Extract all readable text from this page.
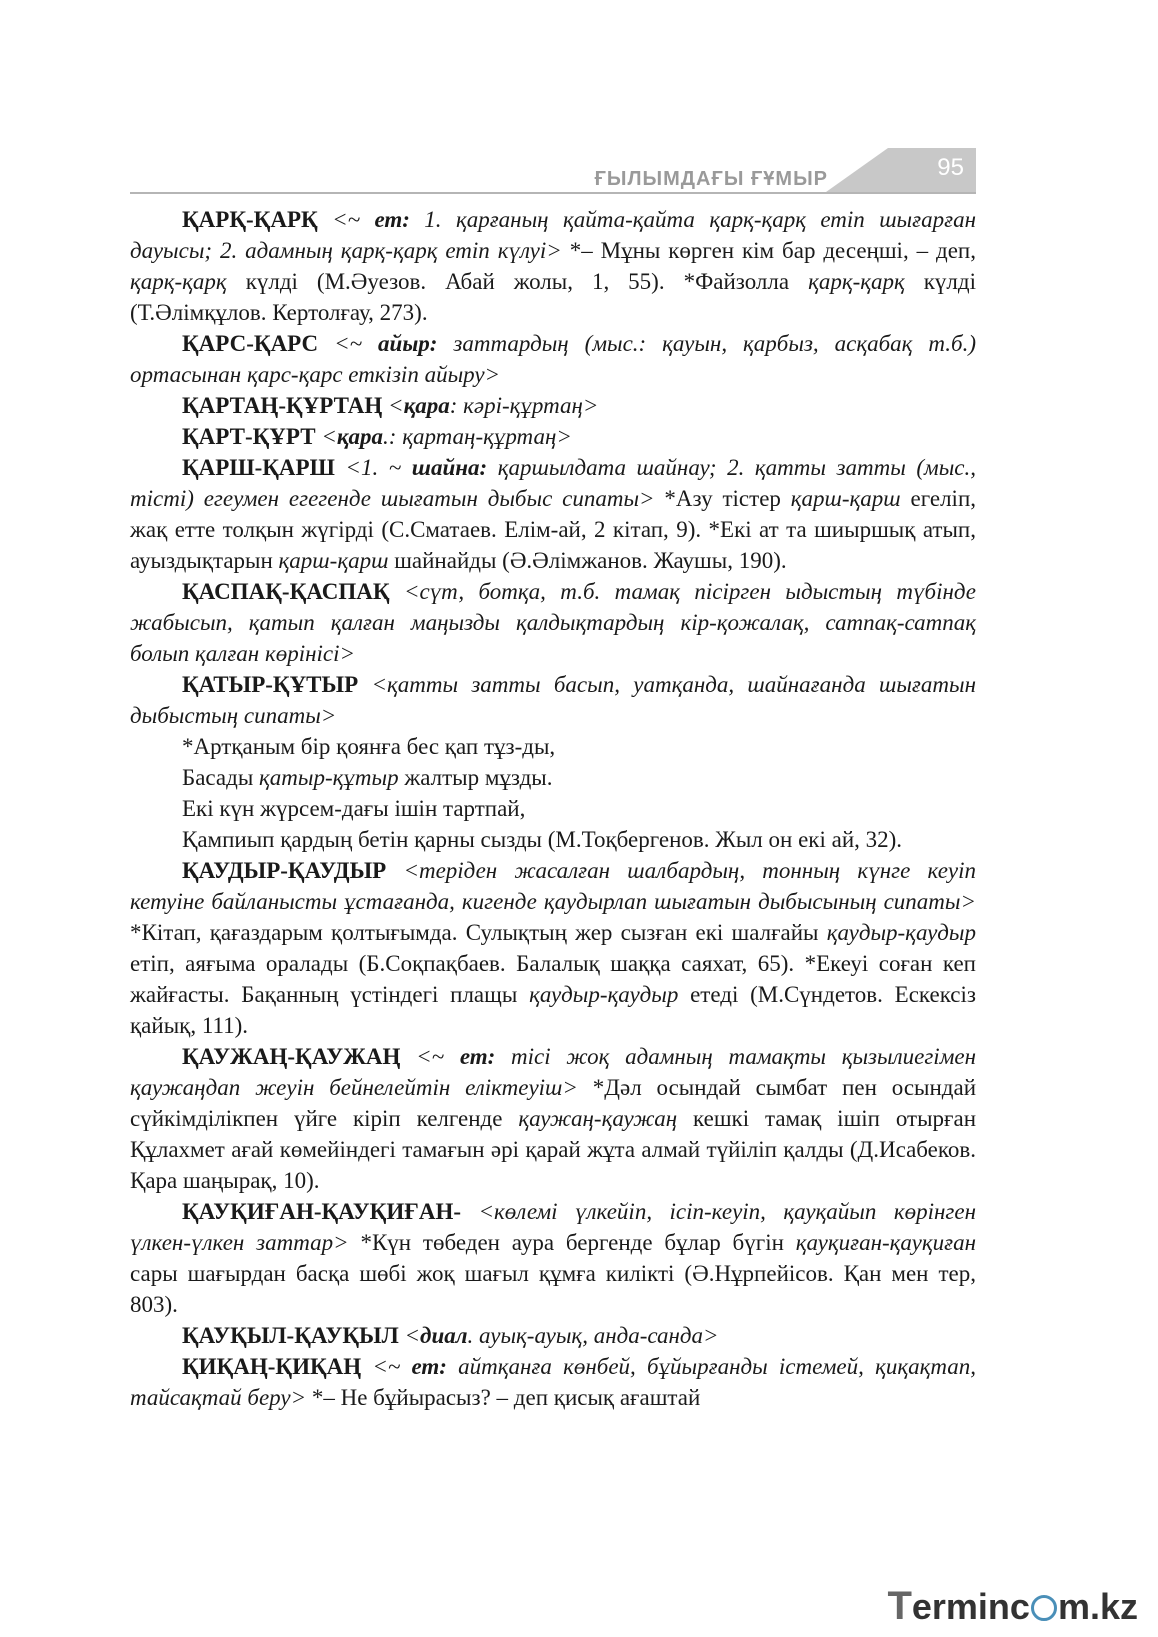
ҒЫЛЫМДАҒЫ ҒҰМЫР	95

ҚАРҚ-ҚАРҚ <~ ет: 1. қарғаның қайта-қайта қарқ-қарқ етіп шығарған дауысы; 2. адамның қарқ-қарқ етіп күлуі> *– Мұны көрген кім бар десеңші, – деп, қарқ-қарқ күлді (М.Әуезов. Абай жолы, 1, 55). *Файзолла қарқ-қарқ күлді (Т.Әлімқұлов. Кертолғау, 273).

ҚАРС-ҚАРС <~ айыр: заттардың (мыс.: қауын, қарбыз, асқабақ т.б.) ортасынан қарс-қарс еткізіп айыру>

ҚАРТАҢ-ҚҰРТАҢ <қара: кәрі-құртаң>

ҚАРТ-ҚҰРТ <қара.: қартаң-құртаң>

ҚАРШ-ҚАРШ <1. ~ шайна: қаршылдата шайнау; 2. қатты затты (мыс., тісті) егеумен егегенде шығатын дыбыс сипаты> *Азу тістер қарш-қарш егеліп, жақ етте толқын жүгірді (С.Сматаев. Елім-ай, 2 кітап, 9). *Екі ат та шиыршық атып, ауыздықтарын қарш-қарш шайнайды (Ә.Әлімжанов. Жаушы, 190).

ҚАСПАҚ-ҚАСПАҚ <сүт, ботқа, т.б. тамақ пісірген ыдыстың түбінде жабысып, қатып қалған маңызды қалдықтардың кір-қожалақ, сатпақ-сатпақ болып қалған көрінісі>

ҚАТЫР-ҚҰТЫР <қатты затты басып, уатқанда, шайнағанда шығатын дыбыстың сипаты>

*Артқаным бір қоянға бес қап тұз-ды,

Басады қатыр-құтыр жалтыр мұзды.

Екі күн жүрсем-дағы ішін тартпай,

Қампиып қардың бетін қарны сызды (М.Тоқбергенов. Жыл он екі ай, 32).

ҚАУДЫР-ҚАУДЫР <теріден жасалған шалбардың, тонның күнге кеуіп кетуіне байланысты ұстағанда, кигенде қаудырлап шығатын дыбысының сипаты> *Кітап, қағаздарым қолтығымда. Сулықтың жер сызған екі шалғайы қаудыр-қаудыр етіп, аяғыма оралады (Б.Соқпақбаев. Балалық шаққа саяхат, 65). *Екеуі соған кеп жайғасты. Бақанның үстіндегі плащы қаудыр-қаудыр етеді (М.Сүндетов. Ескексіз қайық, 111).

ҚАУЖАҢ-ҚАУЖАҢ <~ ет: тісі жоқ адамның тамақты қызылиегімен қаужаңдап жеуін бейнелейтін еліктеуіш> *Дәл осындай сымбат пен осындай сүйкімділікпен үйге кіріп келгенде қаужаң-қаужаң кешкі тамақ ішіп отырған Құлахмет ағай көмейіндегі тамағын әрі қарай жұта алмай түйіліп қалды (Д.Исабеков. Қара шаңырақ, 10).

ҚАУҚИҒАН-ҚАУҚИҒАН- <көлемі үлкейіп, ісіп-кеуіп, қауқайып көрінген үлкен-үлкен заттар> *Күн төбеден аура бергенде бұлар бүгін қауқиған-қауқиған сары шағырдан басқа шөбі жоқ шағыл құмға килікті (Ә.Нұрпейісов. Қан мен тер, 803).

ҚАУҚЫЛ-ҚАУҚЫЛ <диал. ауық-ауық, анда-санда>

ҚИҚАҢ-ҚИҚАҢ <~ ет: айтқанға көнбей, бұйырғанды істемей, қиқақтап, тайсақтай беру> *– Не бұйырасыз? – деп қисық ағаштай

Terminc m.kz
